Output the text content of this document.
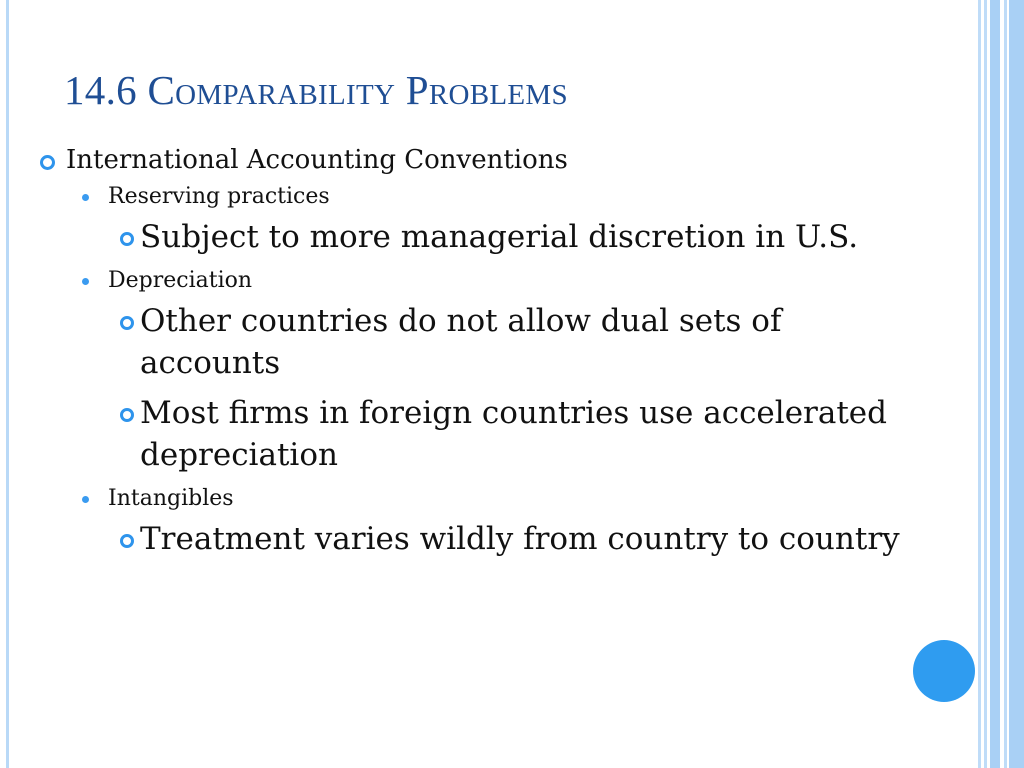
14.6 Comparability Problems
International Accounting Conventions
Reserving practices
Subject to more managerial discretion in U.S.
Depreciation
Other countries do not allow dual sets of accounts
Most firms in foreign countries use accelerated depreciation
Intangibles
Treatment varies wildly from country to country
